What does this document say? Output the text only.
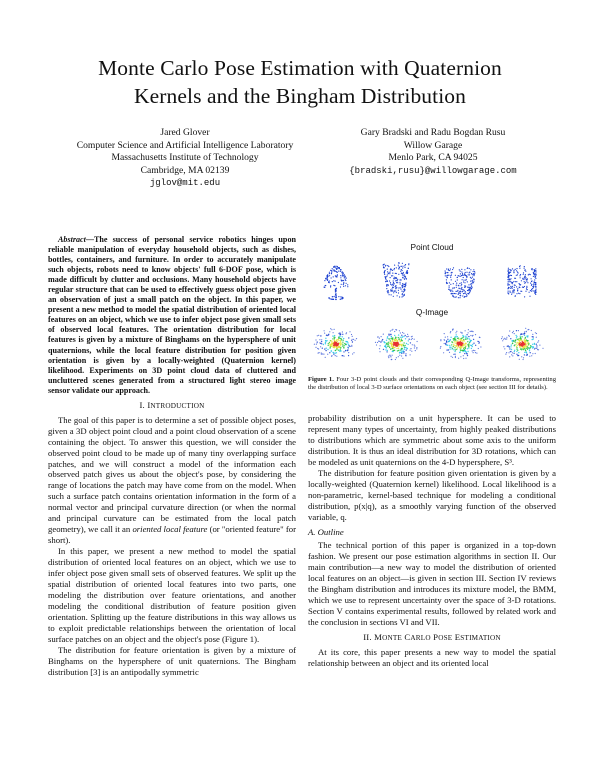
Monte Carlo Pose Estimation with Quaternion
Kernels and the Bingham Distribution
Jared Glover
Computer Science and Artificial Intelligence Laboratory
Massachusetts Institute of Technology
Cambridge, MA 02139
jglov@mit.edu
Gary Bradski and Radu Bogdan Rusu
Willow Garage
Menlo Park, CA 94025
{bradski,rusu}@willowgarage.com

Abstract—The success of personal service robotics hinges upon reliable manipulation of everyday household objects, such as dishes, bottles, containers, and furniture. In order to accurately manipulate such objects, robots need to know objects' full 6-DOF pose, which is made difficult by clutter and occlusions. Many household objects have regular structure that can be used to effectively guess object pose given an observation of just a small patch on the object. In this paper, we present a new method to model the spatial distribution of oriented local features on an object, which we use to infer object pose given small sets of observed local features. The orientation distribution for local features is given by a mixture of Binghams on the hypersphere of unit quaternions, while the local feature distribution for position given orientation is given by a locally-weighted (Quaternion kernel) likelihood. Experiments on 3D point cloud data of cluttered and uncluttered scenes generated from a structured light stereo image sensor validate our approach.

I. INTRODUCTION

The goal of this paper is to determine a set of possible object poses, given a 3D object point cloud and a point cloud observation of a scene containing the object. To answer this question, we will consider the observed point cloud to be made up of many tiny overlapping surface patches, and we will construct a model of the information each observed patch gives us about the object's pose, by considering the range of locations the patch may have come from on the model. When such a surface patch contains orientation information in the form of a normal vector and principal curvature direction (or when the normal and principal curvature can be estimated from the local patch geometry), we call it an oriented local feature (or "oriented feature" for short).

In this paper, we present a new method to model the spatial distribution of oriented local features on an object, which we use to infer object pose given small sets of observed features. We split up the spatial distribution of oriented local features into two parts, one modeling the distribution over feature orientations, and another modeling the conditional distribution of feature position given orientation. Splitting up the feature distributions in this way allows us to exploit predictable relationships between the orientation of local surface patches on an object and the object's pose (Figure 1).

The distribution for feature orientation is given by a mixture of Binghams on the hypersphere of unit quaternions. The Bingham distribution [3] is an antipodally symmetric

Point Cloud
Q-Image
Figure 1. Four 3-D point clouds and their corresponding Q-Image transforms, representing the distribution of local 3-D surface orientations on each object (see section III for details).

probability distribution on a unit hypersphere. It can be used to represent many types of uncertainty, from highly peaked distributions to distributions which are symmetric about some axis to the uniform distribution. It is thus an ideal distribution for 3D rotations, which can be modeled as unit quaternions on the 4-D hypersphere, S³.

The distribution for feature position given orientation is given by a locally-weighted (Quaternion kernel) likelihood. Local likelihood is a non-parametric, kernel-based technique for modeling a conditional distribution, p(x|q), as a smoothly varying function of the observed variable, q.

A. Outline

The technical portion of this paper is organized in a top-down fashion. We present our pose estimation algorithms in section II. Our main contribution—a new way to model the distribution of oriented local features on an object—is given in section III. Section IV reviews the Bingham distribution and introduces its mixture model, the BMM, which we use to represent uncertainty over the space of 3-D rotations. Section V contains experimental results, followed by related work and the conclusion in sections VI and VII.

II. MONTE CARLO POSE ESTIMATION

At its core, this paper presents a new way to model the spatial relationship between an object and its oriented local
